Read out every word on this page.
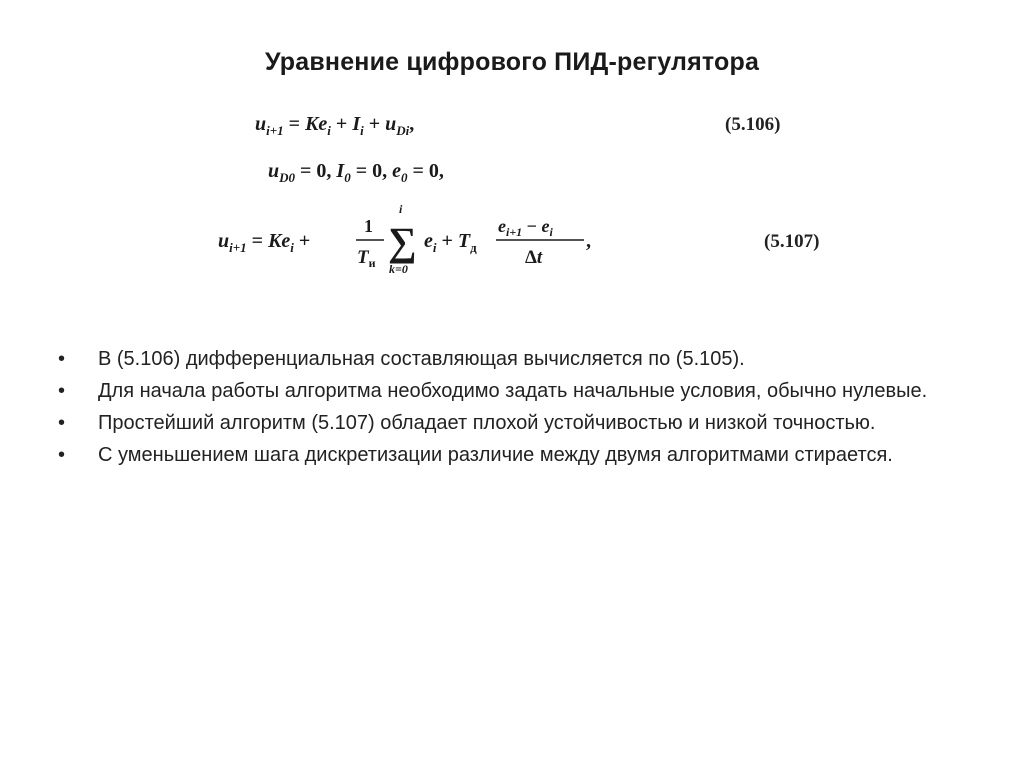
Уравнение цифрового ПИД-регулятора
$u_{i+1} = Ke_i + I_i + u_{Di}$,	(5.106)
$u_{D0} = 0$, $I_0 = 0$, $e_0 = 0$,
$u_{i+1} = Ke_i$ +
1
$T_и$
i
∑
k=0
$e_i + T_д$
$e_{i+1} - e_i$
Δt
,	(5.107)
•	В (5.106) дифференциальная составляющая вычисляется по (5.105).
•	Для начала работы алгоритма необходимо задать начальные условия, обычно нулевые.
•	Простейший алгоритм (5.107) обладает плохой устойчивостью и низкой точностью.
•	С уменьшением шага дискретизации различие между двумя алгоритмами стирается.
